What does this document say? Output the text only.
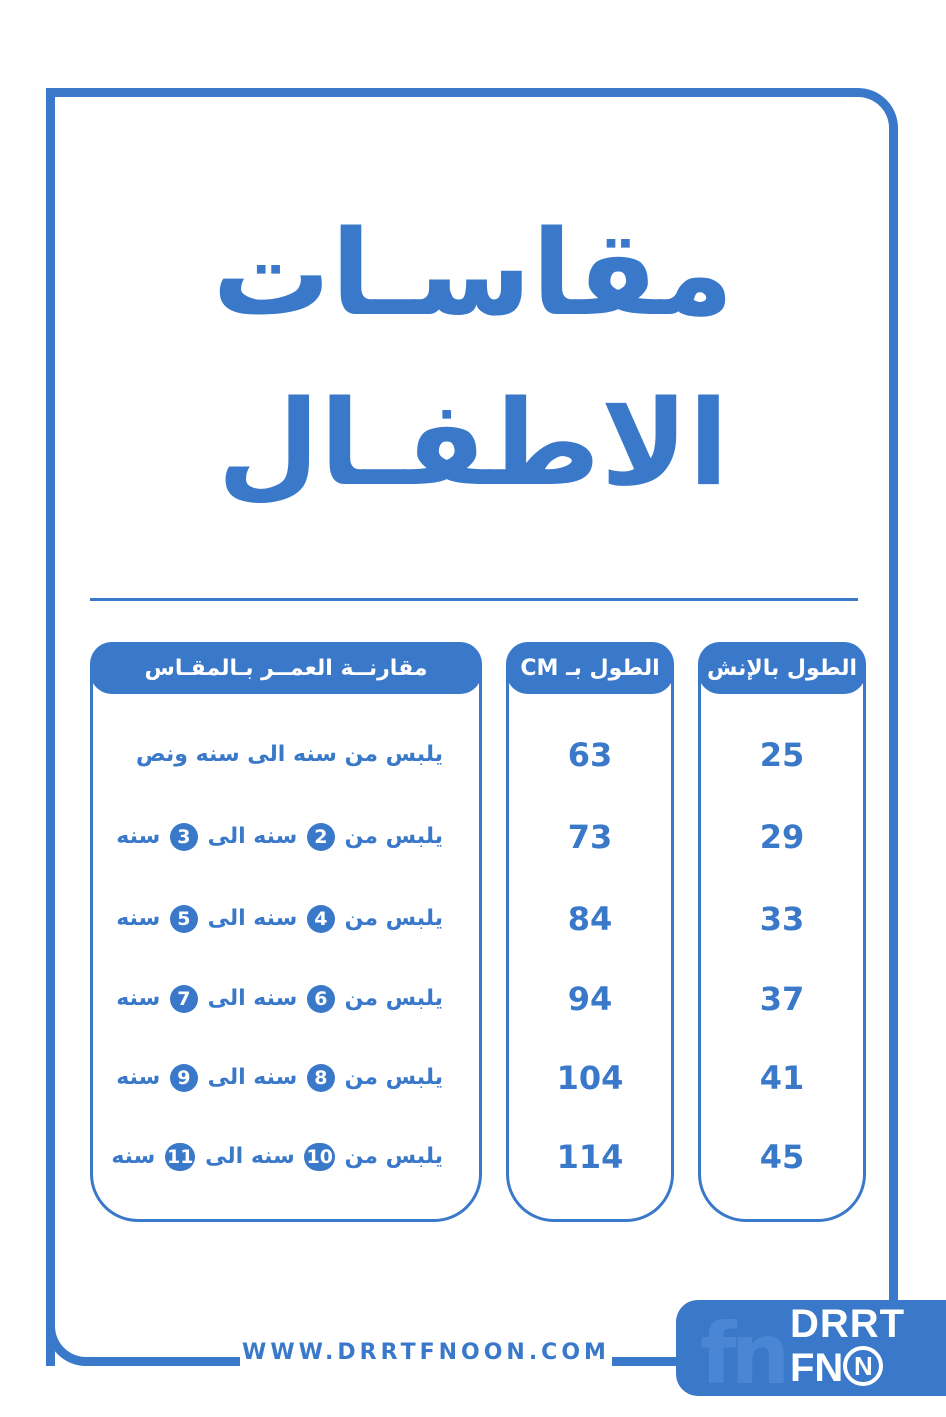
مقاسـات
الاطفـال
الطول بالإنش
25
29
33
37
41
45
الطول بـ CM
63
73
84
94
104
114
مقارنــة العمــر بـالمقـاس
يلبس من سنه الى سنه ونص
يلبس من 2 سنه الى 3 سنه
يلبس من 4 سنه الى 5 سنه
يلبس من 6 سنه الى 7 سنه
يلبس من 8 سنه الى 9 سنه
يلبس من 10 سنه الى 11 سنه
WWW.DRRTFNOON.COM fn DRRT
FN N
